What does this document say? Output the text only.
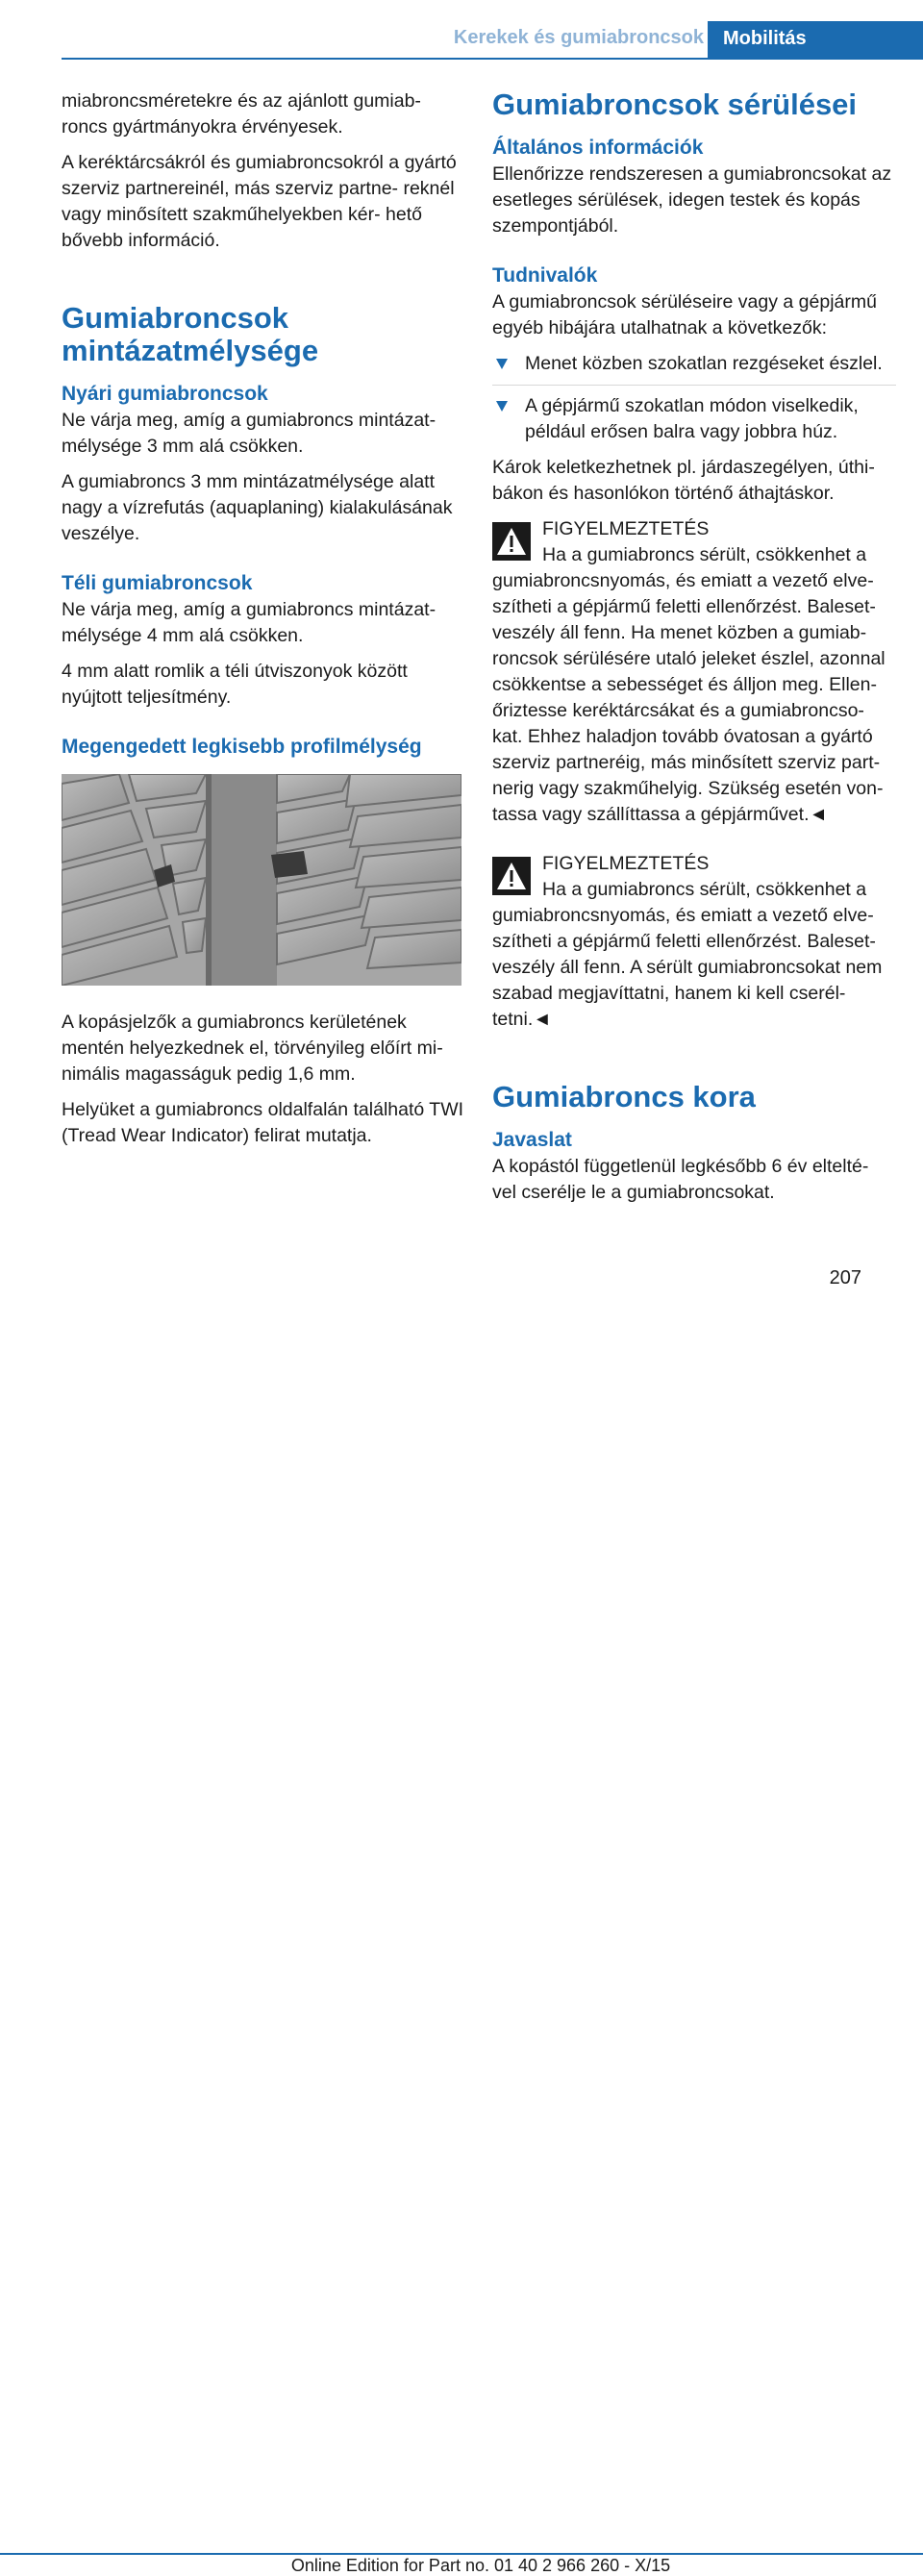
Kerekek és gumiabroncsok	Mobilitás

miabroncsméretekre és az ajánlott gumiab‐ roncs gyártmányokra érvényesek.

A keréktárcsákról és gumiabroncsokról a gyártó szerviz partnereinél, más szerviz partne‐ reknél vagy minősített szakműhelyekben kér‐ hető bővebb információ.

Gumiabroncsok mintázatmélysége
Nyári gumiabroncsok

Ne várja meg, amíg a gumiabroncs mintázat‐ mélysége 3 mm alá csökken.

A gumiabroncs 3 mm mintázatmélysége alatt nagy a vízrefutás (aquaplaning) kialakulásának veszélye.

Téli gumiabroncsok

Ne várja meg, amíg a gumiabroncs mintázat‐ mélysége 4 mm alá csökken.

4 mm alatt romlik a téli útviszonyok között nyújtott teljesítmény.

Megengedett legkisebb profilmélység

A kopásjelzők a gumiabroncs kerületének mentén helyezkednek el, törvényileg előírt mi‐ nimális magasságuk pedig 1,6 mm.

Helyüket a gumiabroncs oldalfalán található TWI (Tread Wear Indicator) felirat mutatja.

Gumiabroncsok sérülései
Általános információk

Ellenőrizze rendszeresen a gumiabroncsokat az esetleges sérülések, idegen testek és kopás szempontjából.

Tudnivalók

A gumiabroncsok sérüléseire vagy a gépjármű egyéb hibájára utalhatnak a következők:

Menet közben szokatlan rezgéseket észlel.
A gépjármű szokatlan módon viselkedik, például erősen balra vagy jobbra húz.

Károk keletkezhetnek pl. járdaszegélyen, úthi‐ bákon és hasonlókon történő áthajtáskor.

FIGYELMEZTETÉS

Ha a gumiabroncs sérült, csökkenhet a gumiabroncsnyomás, és emiatt a vezető elve‐ szítheti a gépjármű feletti ellenőrzést. Baleset‐ veszély áll fenn. Ha menet közben a gumiab‐ roncsok sérülésére utaló jeleket észlel, azonnal csökkentse a sebességet és álljon meg. Ellen‐ őriztesse keréktárcsákat és a gumiabroncso‐ kat. Ehhez haladjon tovább óvatosan a gyártó szerviz partneréig, más minősített szerviz part‐ nerig vagy szakműhelyig. Szükség esetén von‐ tassa vagy szállíttassa a gépjárművet.◄

FIGYELMEZTETÉS

Ha a gumiabroncs sérült, csökkenhet a gumiabroncsnyomás, és emiatt a vezető elve‐ szítheti a gépjármű feletti ellenőrzést. Baleset‐ veszély áll fenn. A sérült gumiabroncsokat nem szabad megjavíttatni, hanem ki kell cserél‐ tetni.◄

Gumiabroncs kora
Javaslat

A kopástól függetlenül legkésőbb 6 év eltelté‐ vel cserélje le a gumiabroncsokat.

207
Online Edition for Part no. 01 40 2 966 260 - X/15
